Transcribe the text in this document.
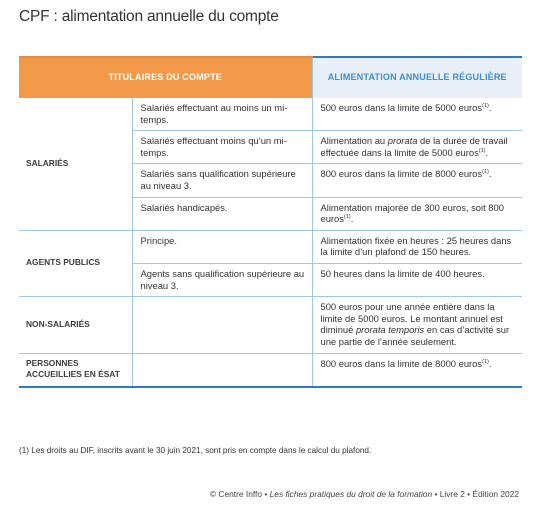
CPF : alimentation annuelle du compte
TITULAIRES DU COMPTE		ALIMENTATION ANNUELLE RÉGULIÈRE
SALARIÉS	Salariés effectuant au moins un mi-temps.	500 euros dans la limite de 5000 euros$^{(1)}$.
	Salariés effectuant moins qu’un mi-temps.	Alimentation au prorata de la durée de travail effectuée dans la limite de 5000 euros$^{(1)}$.
	Salariés sans qualification supérieure au niveau 3.	800 euros dans la limite de 8000 euros$^{(1)}$.
	Salariés handicapés.	Alimentation majorée de 300 euros, soit 800 euros$^{(1)}$.
AGENTS PUBLICS	Principe.	Alimentation fixée en heures : 25 heures dans la limite d’un plafond de 150 heures.
	Agents sans qualification supérieure au niveau 3.	50 heures dans la limite de 400 heures.
NON-SALARIÉS		500 euros pour une année entière dans la limite de 5000 euros. Le montant annuel est diminué prorata temporis en cas d’activité sur une partie de l’année seulement.
PERSONNES ACCUEILLIES EN ÉSAT		800 euros dans la limite de 8000 euros$^{(1)}$.
(1) Les droits au DIF, inscrits avant le 30 juin 2021, sont pris en compte dans le calcul du plafond.
© Centre Inffo • Les fiches pratiques du droit de la formation • Livre 2 • Édition 2022
